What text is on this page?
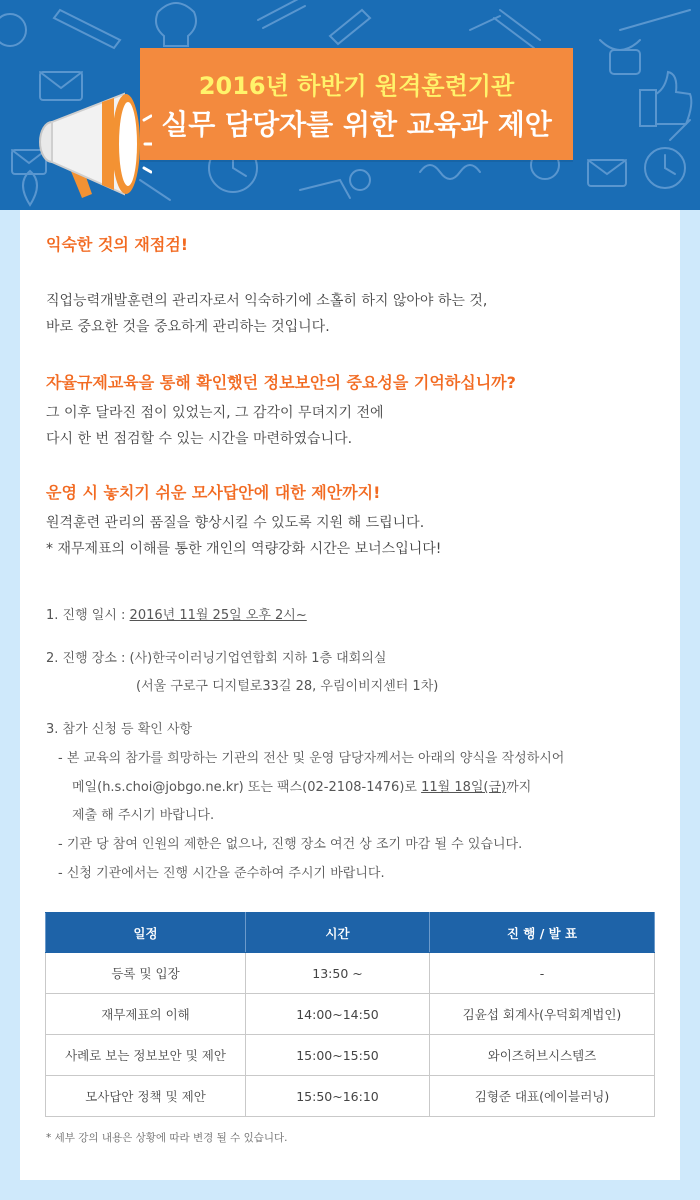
2016년 하반기 원격훈련기관
실무 담당자를 위한 교육과 제안
익숙한 것의 재점검!
직업능력개발훈련의 관리자로서 익숙하기에 소홀히 하지 않아야 하는 것,
바로 중요한 것을 중요하게 관리하는 것입니다.
자율규제교육을 통해 확인했던 정보보안의 중요성을 기억하십니까?
그 이후 달라진 점이 있었는지, 그 감각이 무뎌지기 전에
다시 한 번 점검할 수 있는 시간을 마련하였습니다.
운영 시 놓치기 쉬운 모사답안에 대한 제안까지!
원격훈련 관리의 품질을 향상시킬 수 있도록 지원 해 드립니다.
* 재무제표의 이해를 통한 개인의 역량강화 시간은 보너스입니다!
1. 진행 일시 : 2016년 11월 25일 오후 2시~
2. 진행 장소 : (사)한국이러닝기업연합회 지하 1층 대회의실
(서울 구로구 디지털로33길 28, 우림이비지센터 1차)
3. 참가 신청 등 확인 사항
- 본 교육의 참가를 희망하는 기관의 전산 및 운영 담당자께서는 아래의 양식을 작성하시어
메일(h.s.choi@jobgo.ne.kr) 또는 팩스(02-2108-1476)로 11월 18일(금)까지
제출 해 주시기 바랍니다.
- 기관 당 참여 인원의 제한은 없으나, 진행 장소 여건 상 조기 마감 될 수 있습니다.
- 신청 기관에서는 진행 시간을 준수하여 주시기 바랍니다.
일정	시간	진 행 / 발 표
등록 및 입장	13:50 ~	-
재무제표의 이해	14:00~14:50	김윤섭 회계사(우덕회계법인)
사례로 보는 정보보안 및 제안	15:00~15:50	와이즈허브시스템즈
모사답안 정책 및 제안	15:50~16:10	김형준 대표(에이블러닝)
* 세부 강의 내용은 상황에 따라 변경 될 수 있습니다.
